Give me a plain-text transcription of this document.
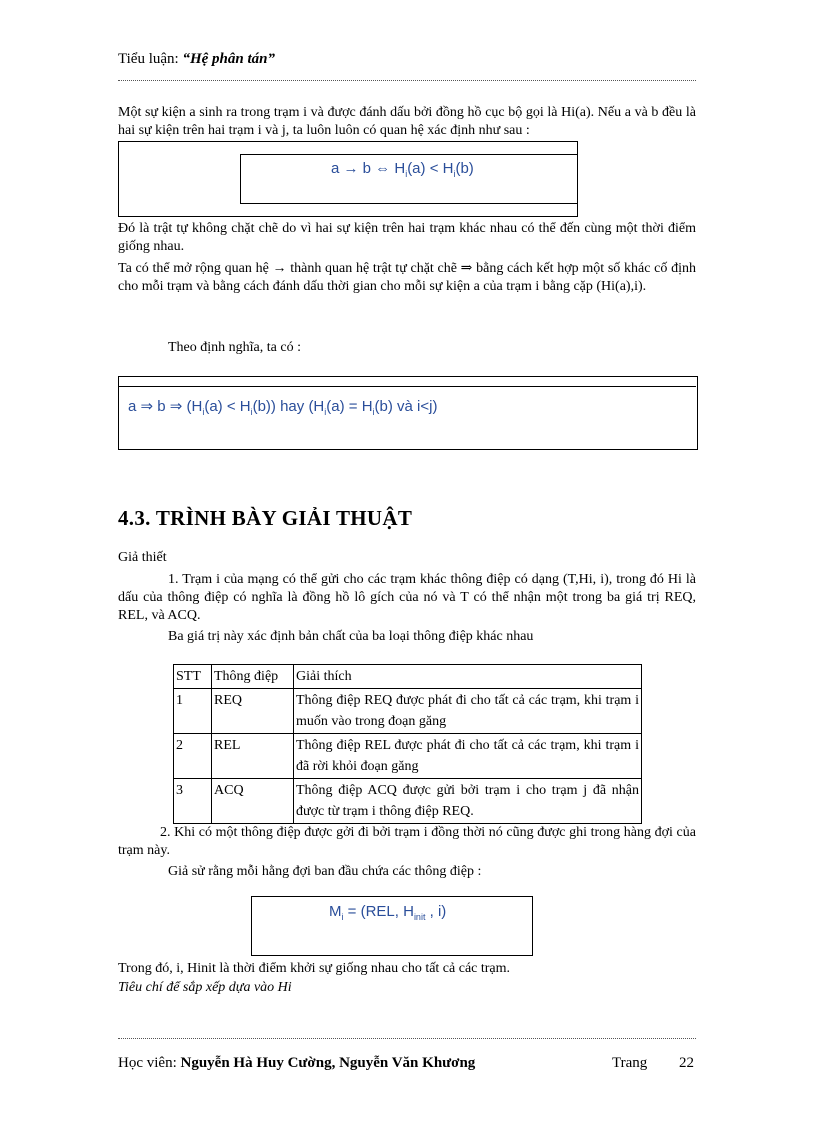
Tiểu luận: “Hệ phân tán”
Một sự kiện a sinh ra trong trạm i và được đánh dấu bởi đồng hồ cục bộ gọi là Hi(a). Nếu a và b đều là hai sự kiện trên hai trạm i và j, ta luôn luôn có quan hệ xác định như sau :
a → b ⇔ $H_i(a) < H_i(b)$
Đó là trật tự không chặt chẽ do vì hai sự kiện trên hai trạm khác nhau có thể đến cùng một thời điểm giống nhau.
Ta có thể mở rộng quan hệ → thành quan hệ trật tự chặt chẽ ⇒ bằng cách kết hợp một số khác cố định cho mỗi trạm và bằng cách đánh dấu thời gian cho mỗi sự kiện a của trạm i bằng cặp (Hi(a),i).
Theo định nghĩa, ta có :
a ⇒ b ⇒ $(H_i(a) < H_i(b))$ hay ($H_i(a) = H_i(b)$ và i<j)
4.3. TRÌNH BÀY GIẢI THUẬT
Giả thiết
1. Trạm i của mạng có thể gửi cho các trạm khác thông điệp có dạng (T,Hi, i), trong đó Hi là dấu của thông điệp có nghĩa là đồng hồ lô gích của nó và T có thể nhận một trong ba giá trị REQ, REL, và ACQ.
Ba giá trị này xác định bản chất của ba loại thông điệp khác nhau
STT	Thông điệp	Giải thích
1	REQ	Thông điệp REQ được phát đi cho tất cả các trạm, khi trạm i muốn vào trong đoạn găng
2	REL	Thông điệp REL được phát đi cho tất cả các trạm, khi trạm i đã rời khỏi đoạn găng
3	ACQ	Thông điệp ACQ được gửi bởi trạm i cho trạm j đã nhận được từ trạm i thông điệp REQ.
2. Khi có một thông điệp được gởi đi bởi trạm i đồng thời nó cũng được ghi trong hàng đợi của trạm này.
Giả sử rằng mỗi hằng đợi ban đầu chứa các thông điệp :
$M_i = (REL$, $H_{init}$ , i)
Trong đó, i, Hinit là thời điểm khởi sự giống nhau cho tất cả các trạm.
Tiêu chí để sắp xếp dựa vào Hi
Học viên: Nguyễn Hà Huy Cường, Nguyễn Văn Khương	Trang 22
